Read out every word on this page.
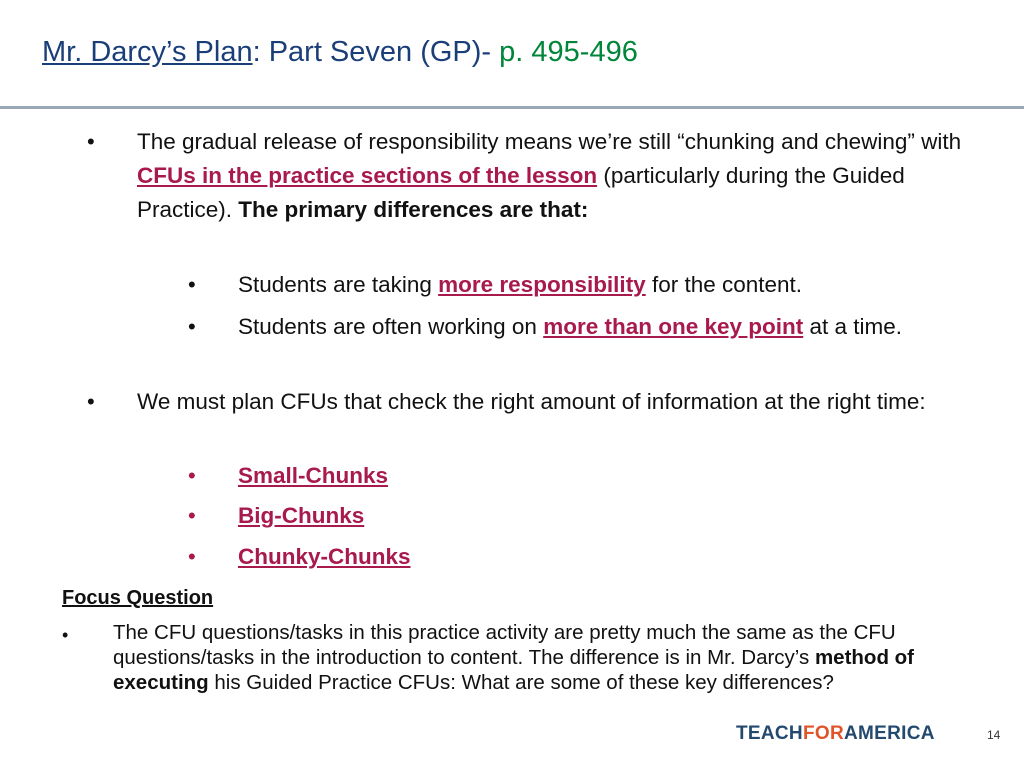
Mr. Darcy’s Plan: Part Seven (GP)- p. 495-496
• The gradual release of responsibility means we’re still “chunking and chewing” with CFUs in the practice sections of the lesson (particularly during the Guided Practice). The primary differences are that:
• Students are taking more responsibility for the content.
• Students are often working on more than one key point at a time.
• We must plan CFUs that check the right amount of information at the right time:
• Small-Chunks
• Big-Chunks
• Chunky-Chunks
Focus Question
• The CFU questions/tasks in this practice activity are pretty much the same as the CFU questions/tasks in the introduction to content. The difference is in Mr. Darcy’s method of executing his Guided Practice CFUs: What are some of these key differences?
TEACHFORAMERICA	14
